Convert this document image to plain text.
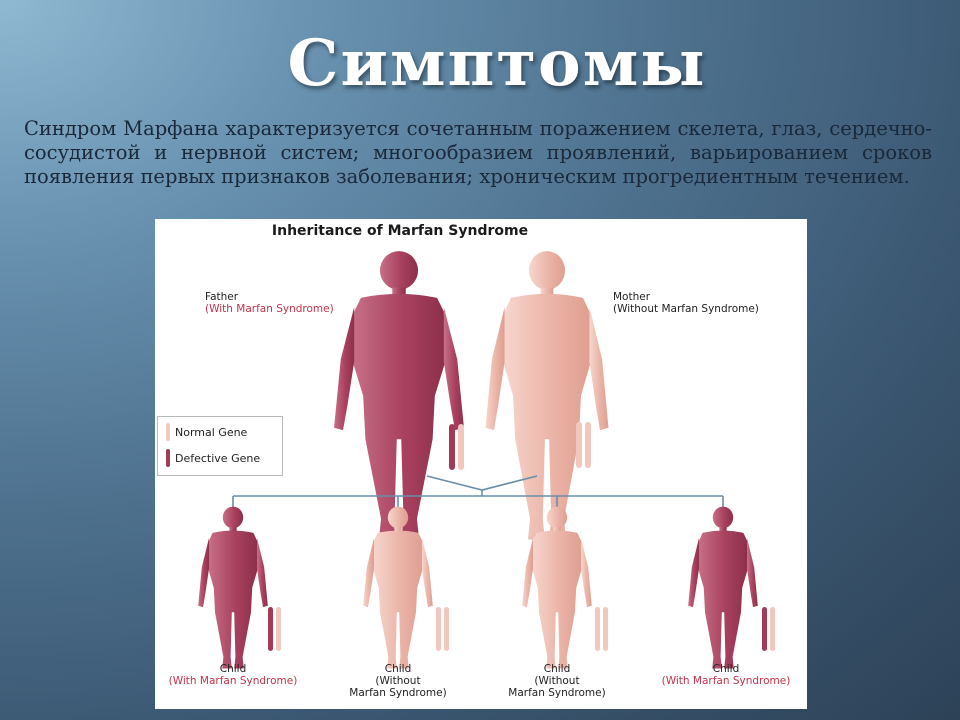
Симптомы
Синдром Марфана характеризуется сочетанным поражением скелета, глаз, сердечно-сосудистой и нервной систем; многообразием проявлений, варьированием сроков появления первых признаков заболевания; хроническим прогредиентным течением.
Inheritance of Marfan Syndrome
Father
(With Marfan Syndrome)
Mother
(Without Marfan Syndrome)
Normal Gene
Defective Gene
Child
(With Marfan Syndrome)
Child
(Without
Marfan Syndrome)
Child
(Without
Marfan Syndrome)
Child
(With Marfan Syndrome)
